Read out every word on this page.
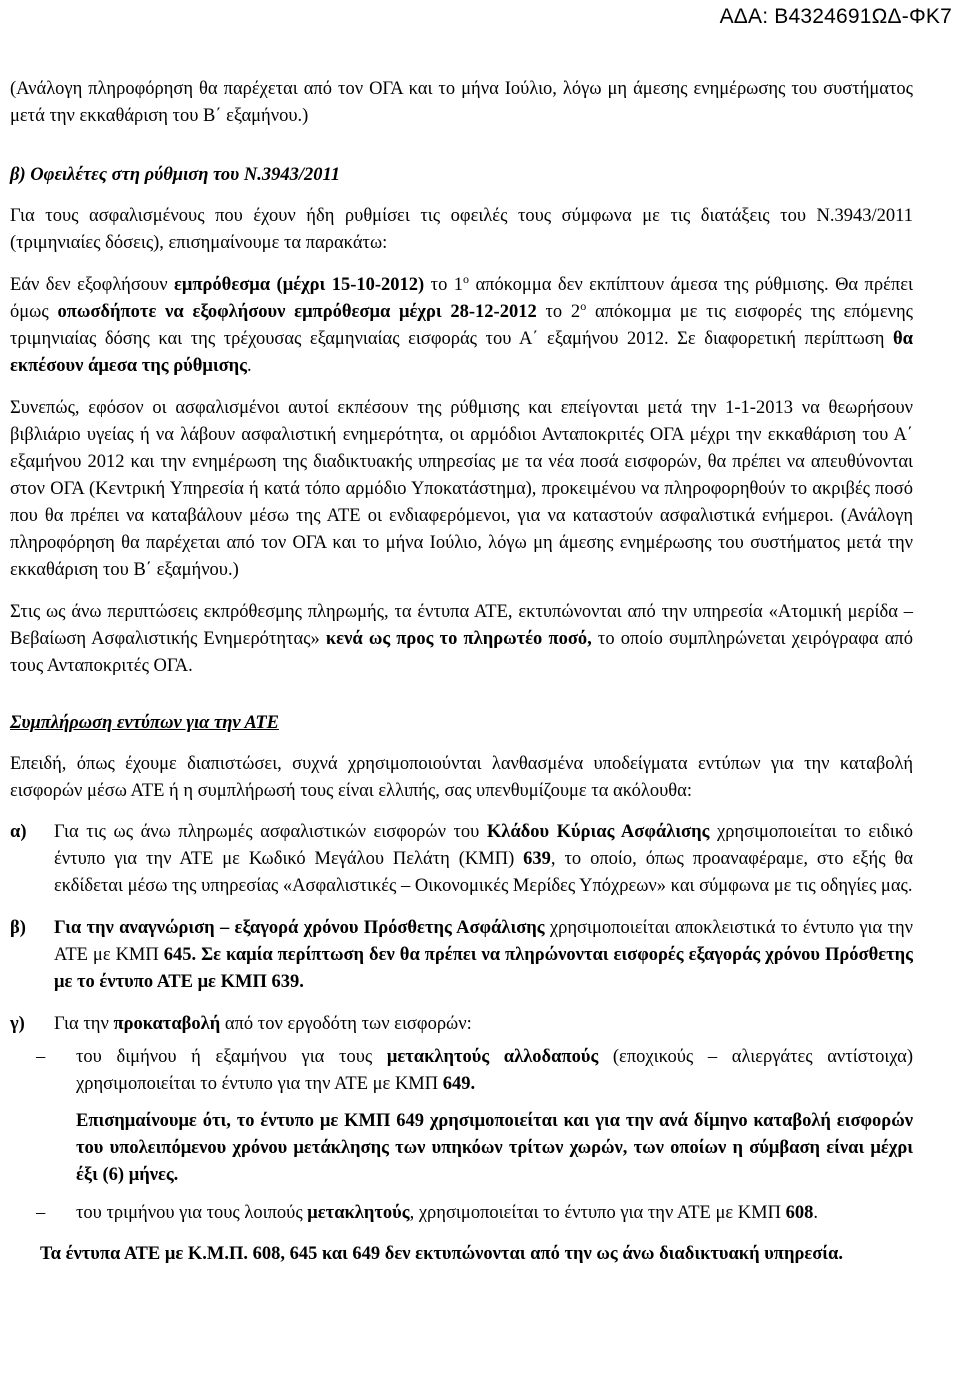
ΑΔΑ: Β4324691ΩΔ-ΦΚ7

(Ανάλογη πληροφόρηση θα παρέχεται από τον ΟΓΑ και το μήνα Ιούλιο, λόγω μη άμεσης ενημέρωσης του συστήματος μετά την εκκαθάριση του Β΄ εξαμήνου.)

β) Οφειλέτες στη ρύθμιση του Ν.3943/2011

Για τους ασφαλισμένους που έχουν ήδη ρυθμίσει τις οφειλές τους σύμφωνα με τις διατάξεις του Ν.3943/2011 (τριμηνιαίες δόσεις), επισημαίνουμε τα παρακάτω:

Εάν δεν εξοφλήσουν εμπρόθεσμα (μέχρι 15-10-2012) το $1^o$ απόκομμα δεν εκπίπτουν άμεσα της ρύθμισης. Θα πρέπει όμως οπωσδήποτε να εξοφλήσουν εμπρόθεσμα μέχρι 28-12-2012 το $2^o$ απόκομμα με τις εισφορές της επόμενης τριμηνιαίας δόσης και της τρέχουσας εξαμηνιαίας εισφοράς του Α΄ εξαμήνου 2012. Σε διαφορετική περίπτωση θα εκπέσουν άμεσα της ρύθμισης.

Συνεπώς, εφόσον οι ασφαλισμένοι αυτοί εκπέσουν της ρύθμισης και επείγονται μετά την 1-1-2013 να θεωρήσουν βιβλιάριο υγείας ή να λάβουν ασφαλιστική ενημερότητα, οι αρμόδιοι Ανταποκριτές ΟΓΑ μέχρι την εκκαθάριση του Α΄ εξαμήνου 2012 και την ενημέρωση της διαδικτυακής υπηρεσίας με τα νέα ποσά εισφορών, θα πρέπει να απευθύνονται στον ΟΓΑ (Κεντρική Υπηρεσία ή κατά τόπο αρμόδιο Υποκατάστημα), προκειμένου να πληροφορηθούν το ακριβές ποσό που θα πρέπει να καταβάλουν μέσω της ΑΤΕ οι ενδιαφερόμενοι, για να καταστούν ασφαλιστικά ενήμεροι. (Ανάλογη πληροφόρηση θα παρέχεται από τον ΟΓΑ και το μήνα Ιούλιο, λόγω μη άμεσης ενημέρωσης του συστήματος μετά την εκκαθάριση του Β΄ εξαμήνου.)

Στις ως άνω περιπτώσεις εκπρόθεσμης πληρωμής, τα έντυπα ΑΤΕ, εκτυπώνονται από την υπηρεσία «Ατομική μερίδα – Βεβαίωση Ασφαλιστικής Ενημερότητας» κενά ως προς το πληρωτέο ποσό, το οποίο συμπληρώνεται χειρόγραφα από τους Ανταποκριτές ΟΓΑ.

Συμπλήρωση εντύπων για την ΑΤΕ

Επειδή, όπως έχουμε διαπιστώσει, συχνά χρησιμοποιούνται λανθασμένα υποδείγματα εντύπων για την καταβολή εισφορών μέσω ΑΤΕ ή η συμπλήρωσή τους είναι ελλιπής, σας υπενθυμίζουμε τα ακόλουθα:

α)	Για τις ως άνω πληρωμές ασφαλιστικών εισφορών του Κλάδου Κύριας Ασφάλισης χρησιμοποιείται το ειδικό έντυπο για την ΑΤΕ με Κωδικό Μεγάλου Πελάτη (ΚΜΠ) 639, το οποίο, όπως προαναφέραμε, στο εξής θα εκδίδεται μέσω της υπηρεσίας «Ασφαλιστικές – Οικονομικές Μερίδες Υπόχρεων» και σύμφωνα με τις οδηγίες μας.
β)	Για την αναγνώριση – εξαγορά χρόνου Πρόσθετης Ασφάλισης χρησιμοποιείται αποκλειστικά το έντυπο για την ΑΤΕ με ΚΜΠ 645. Σε καμία περίπτωση δεν θα πρέπει να πληρώνονται εισφορές εξαγοράς χρόνου Πρόσθετης με το έντυπο ΑΤΕ με ΚΜΠ 639.
γ)	Για την προκαταβολή από τον εργοδότη των εισφορών:
–	του διμήνου ή εξαμήνου για τους μετακλητούς αλλοδαπούς (εποχικούς – αλιεργάτες αντίστοιχα) χρησιμοποιείται το έντυπο για την ΑΤΕ με ΚΜΠ 649.

Επισημαίνουμε ότι, το έντυπο με ΚΜΠ 649 χρησιμοποιείται και για την ανά δίμηνο καταβολή εισφορών του υπολειπόμενου χρόνου μετάκλησης των υπηκόων τρίτων χωρών, των οποίων η σύμβαση είναι μέχρι έξι (6) μήνες.

–	του τριμήνου για τους λοιπούς μετακλητούς, χρησιμοποιείται το έντυπο για την ΑΤΕ με ΚΜΠ 608.

Τα έντυπα ΑΤΕ με Κ.Μ.Π. 608, 645 και 649 δεν εκτυπώνονται από την ως άνω διαδικτυακή υπηρεσία.
